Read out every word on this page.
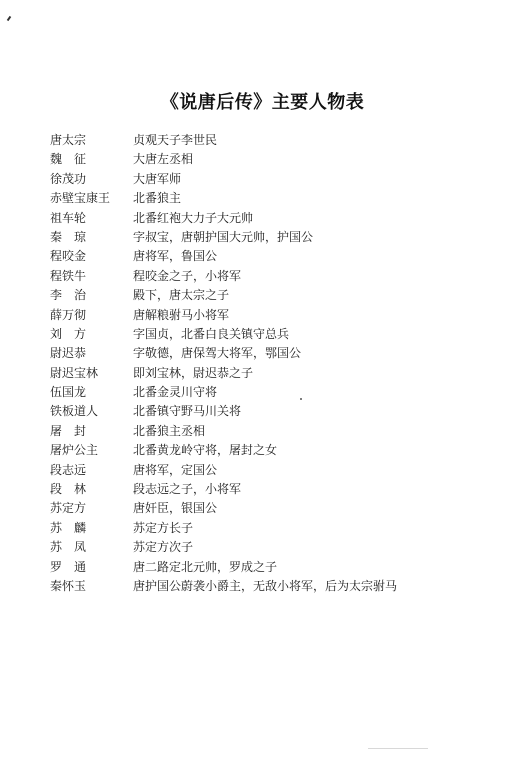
《说唐后传》主要人物表
唐太宗	贞观天子李世民
魏　征	大唐左丞相
徐茂功	大唐军师
赤壁宝康王	北番狼主
祖车轮	北番红袍大力子大元帅
秦　琼	字叔宝，唐朝护国大元帅，护国公
程咬金	唐将军，鲁国公
程铁牛	程咬金之子，小将军
李　治	殿下，唐太宗之子
薛万彻	唐解粮驸马小将军
刘　方	字国贞，北番白良关镇守总兵
尉迟恭	字敬德，唐保驾大将军，鄂国公
尉迟宝林	即刘宝林，尉迟恭之子
伍国龙	北番金灵川守将
铁板道人	北番镇守野马川关将
屠　封	北番狼主丞相
屠炉公主	北番黄龙岭守将，屠封之女
段志远	唐将军，定国公
段　林	段志远之子，小将军
苏定方	唐奸臣，银国公
苏　麟	苏定方长子
苏　凤	苏定方次子
罗　通	唐二路定北元帅，罗成之子
秦怀玉	唐护国公蔚袭小爵主，无敌小将军，后为太宗驸马
